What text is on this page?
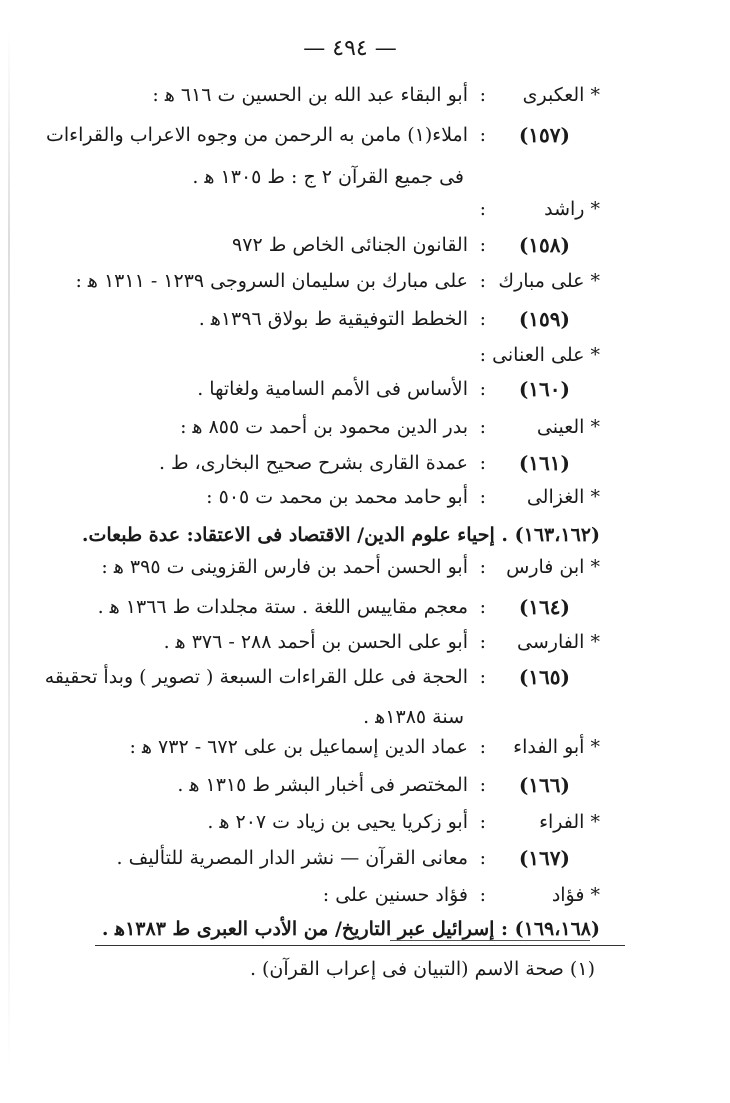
— ٤٩٤ —
* العكبرى
:
أبو البقاء عبد الله بن الحسين ت ٦١٦ ﻫ :
(١٥٧)
:
املاء(١) مامن به الرحمن من وجوه الاعراب والقراءات
فى جميع القرآن ٢ ج : ط ١٣٠٥ ﻫ .
* راشد
:
(١٥٨)
:
القانون الجنائى الخاص ط ٩٧٢
* على مبارك
:
على مبارك بن سليمان السروجى ١٢٣٩ - ١٣١١ ﻫ :
(١٥٩)
:
الخطط التوفيقية ط بولاق ١٣٩٦ﻫ .
* على العنانى
:
(١٦٠)
:
الأساس فى الأمم السامية ولغاتها .
* العينى
:
بدر الدين محمود بن أحمد ت ٨٥٥ ﻫ :
(١٦١)
:
عمدة القارى بشرح صحيح البخارى، ط .
* الغزالى
:
أبو حامد محمد بن محمد ت ٥٠٥ :
(١٦٣،١٦٢) . إحياء علوم الدين/ الاقتصاد فى الاعتقاد: عدة طبعات.
* ابن فارس
:
أبو الحسن أحمد بن فارس القزوينى ت ٣٩٥ ﻫ :
(١٦٤)
:
معجم مقاييس اللغة . ستة مجلدات ط ١٣٦٦ ﻫ .
* الفارسى
:
أبو على الحسن بن أحمد ٢٨٨ - ٣٧٦ ﻫ .
(١٦٥)
:
الحجة فى علل القراءات السبعة ( تصوير ) وبدأ تحقيقه
سنة ١٣٨٥ﻫ .
* أبو الفداء
:
عماد الدين إسماعيل بن على ٦٧٢ - ٧٣٢ ﻫ :
(١٦٦)
:
المختصر فى أخبار البشر ط ١٣١٥ ﻫ .
* الفراء
:
أبو زكريا يحيى بن زياد ت ٢٠٧ ﻫ .
(١٦٧)
:
معانى القرآن — نشر الدار المصرية للتأليف .
* فؤاد
:
فؤاد حسنين على :
(١٦٩،١٦٨) : إسرائيل عبر التاريخ/ من الأدب العبرى ط ١٣٨٣ﻫ .
(١) صحة الاسم (التبيان فى إعراب القرآن) .
